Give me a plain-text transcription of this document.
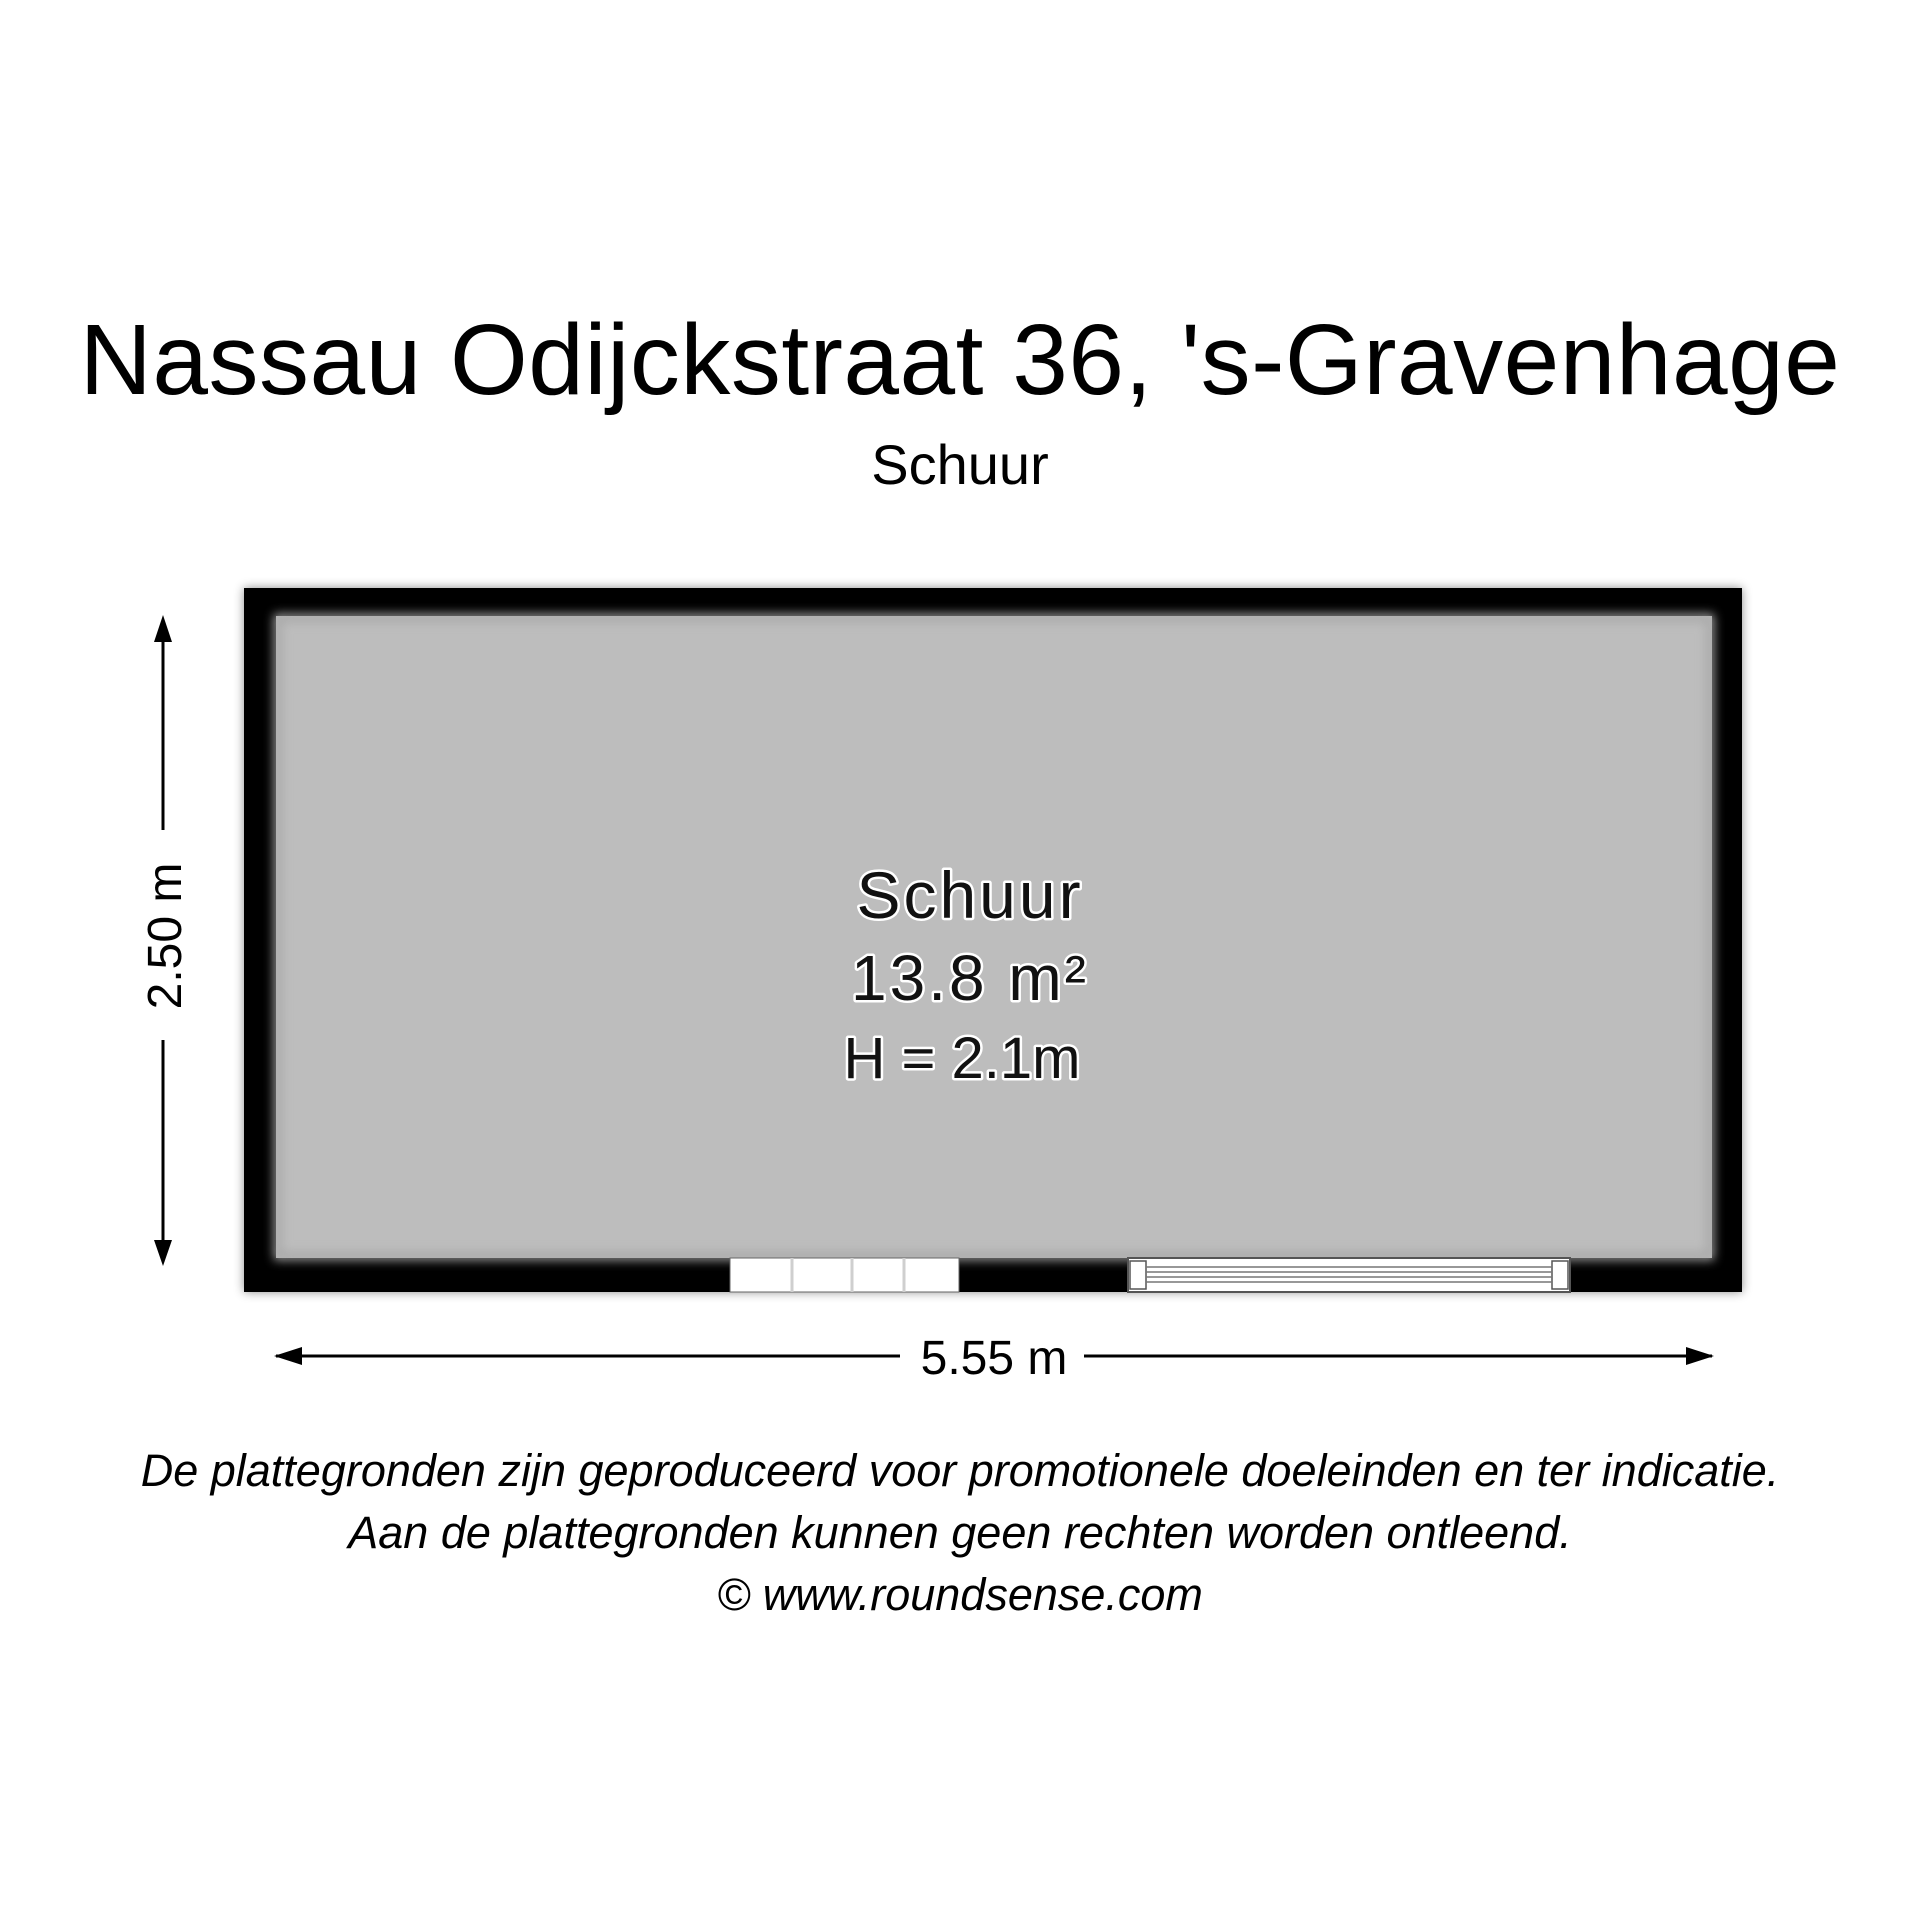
Nassau Odijckstraat 36, 's-Gravenhage
Schuur
Schuur
13.8 m²
H = 2.1m
2.50 m
5.55 m
De plattegronden zijn geproduceerd voor promotionele doeleinden en ter indicatie.
Aan de plattegronden kunnen geen rechten worden ontleend.
© www.roundsense.com
